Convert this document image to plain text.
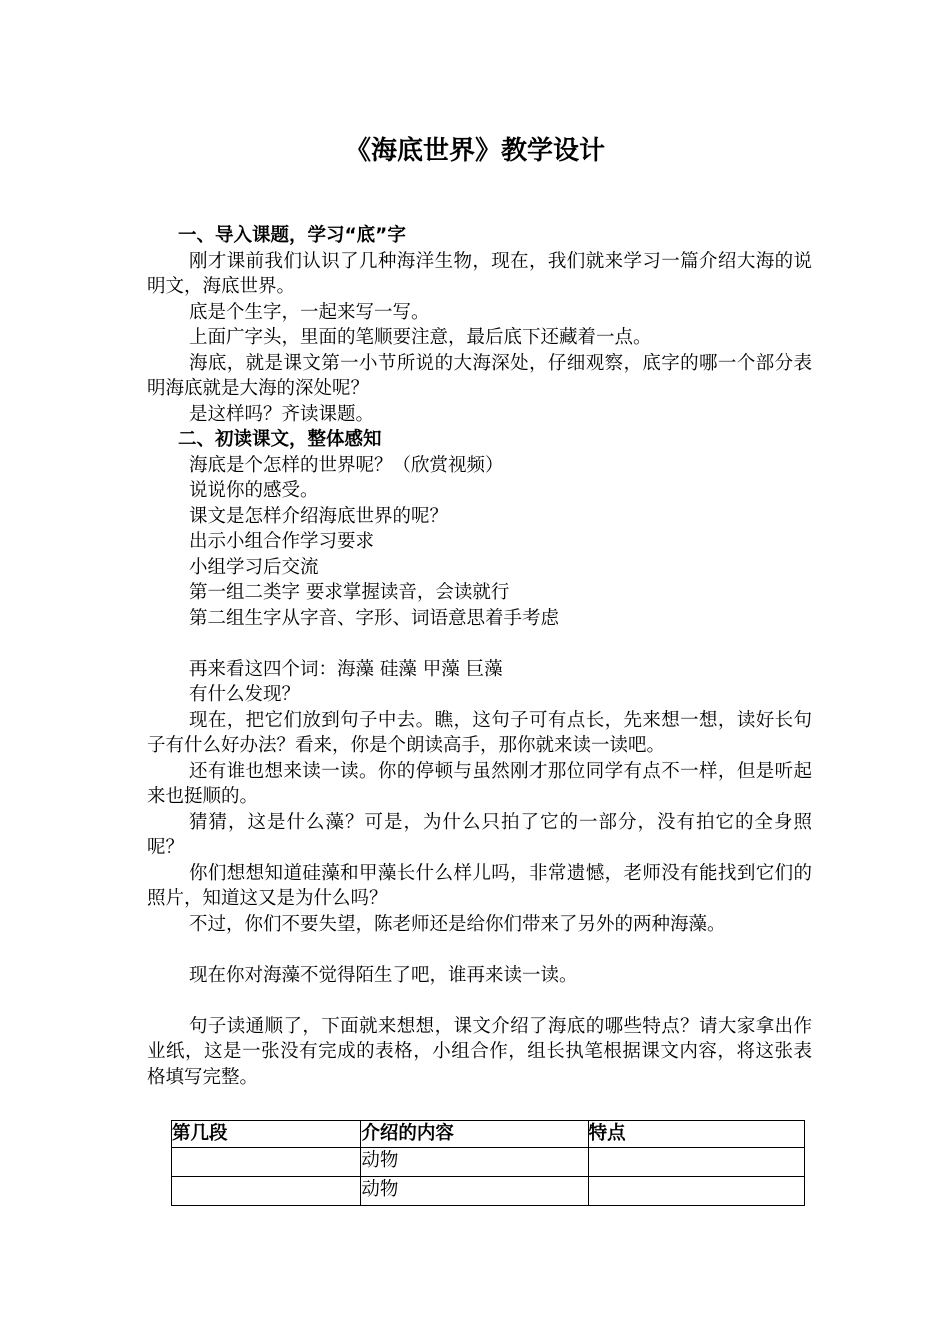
《海底世界》教学设计

一、导入课题，学习“底”字

刚才课前我们认识了几种海洋生物，现在，我们就来学习一篇介绍大海的说明文，海底世界。

底是个生字，一起来写一写。

上面广字头，里面的笔顺要注意，最后底下还藏着一点。

海底，就是课文第一小节所说的大海深处，仔细观察，底字的哪一个部分表明海底就是大海的深处呢？

是这样吗？齐读课题。

二、初读课文，整体感知

海底是个怎样的世界呢？（欣赏视频）

说说你的感受。

课文是怎样介绍海底世界的呢？

出示小组合作学习要求

小组学习后交流

第一组二类字 要求掌握读音，会读就行

第二组生字从字音、字形、词语意思着手考虑

再来看这四个词：海藻 硅藻 甲藻 巨藻

有什么发现？

现在，把它们放到句子中去。瞧，这句子可有点长，先来想一想，读好长句子有什么好办法？看来，你是个朗读高手，那你就来读一读吧。

还有谁也想来读一读。你的停顿与虽然刚才那位同学有点不一样，但是听起来也挺顺的。

猜猜，这是什么藻？可是，为什么只拍了它的一部分，没有拍它的全身照呢？

你们想想知道硅藻和甲藻长什么样儿吗，非常遗憾，老师没有能找到它们的照片，知道这又是为什么吗？

不过，你们不要失望，陈老师还是给你们带来了另外的两种海藻。

现在你对海藻不觉得陌生了吧，谁再来读一读。

句子读通顺了，下面就来想想，课文介绍了海底的哪些特点？请大家拿出作业纸，这是一张没有完成的表格，小组合作，组长执笔根据课文内容，将这张表格填写完整。

第几段	介绍的内容	特点
	动物	
	动物	
